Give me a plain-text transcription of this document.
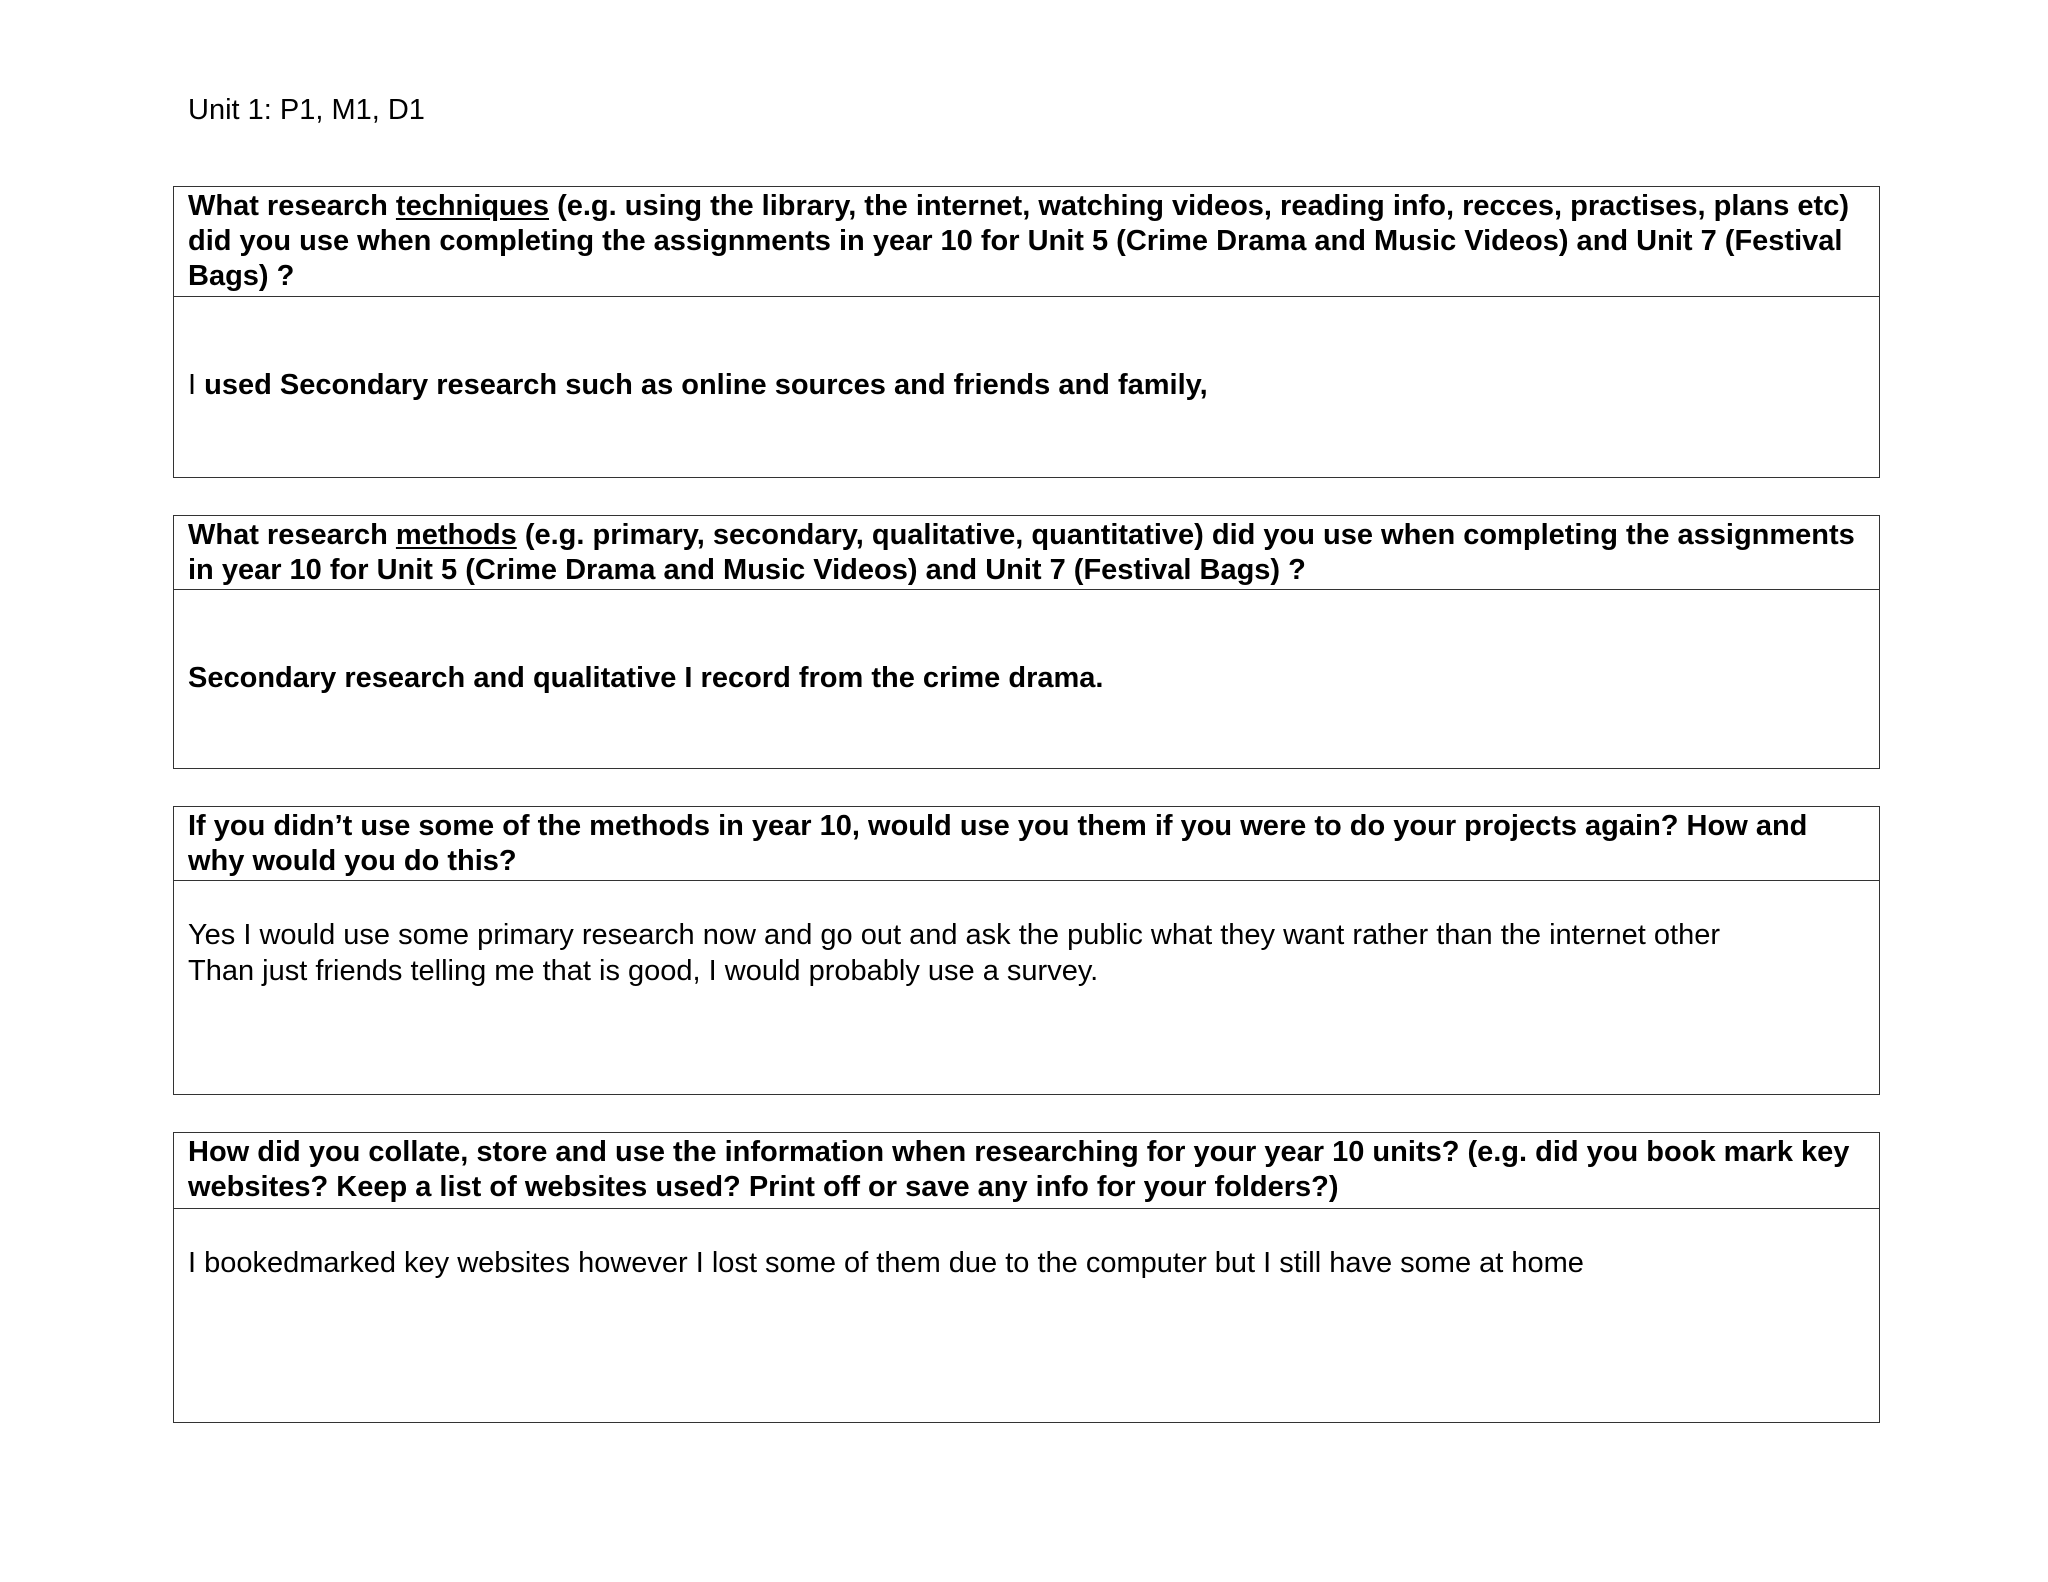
Unit 1: P1, M1, D1
What research techniques (e.g. using the library, the internet, watching videos, reading info, recces, practises, plans etc) did you use when completing the assignments in year 10 for Unit 5 (Crime Drama and Music Videos) and Unit 7 (Festival Bags) ?
I used Secondary research such as online sources and friends and family,
What research methods (e.g. primary, secondary, qualitative, quantitative) did you use when completing the assignments in year 10 for Unit 5 (Crime Drama and Music Videos) and Unit 7 (Festival Bags) ?
Secondary research and qualitative I record from the crime drama.
If you didn’t use some of the methods in year 10, would use you them if you were to do your projects again? How and why would you do this?
Yes I would use some primary research now and go out and ask the public what they want rather than the internet other
Than just friends telling me that is good, I would probably use a survey.
How did you collate, store and use the information when researching for your year 10 units? (e.g. did you book mark key websites? Keep a list of websites used? Print off or save any info for your folders?)
I bookedmarked key websites however I lost some of them due to the computer but I still have some at home
